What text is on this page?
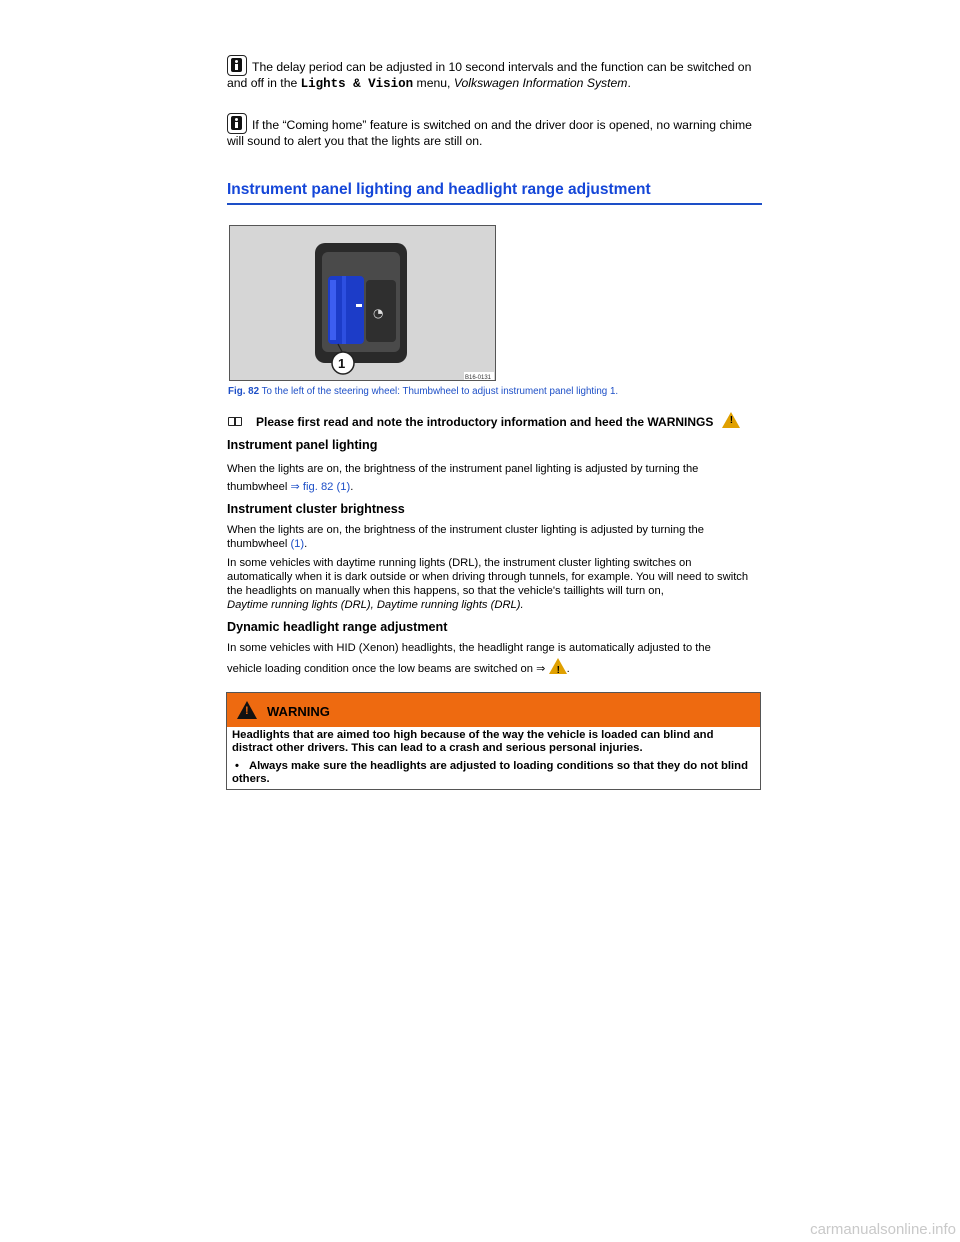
The delay period can be adjusted in 10 second intervals and the function can be switched on and off in the Lights & Vision menu, Volkswagen Information System.
If the “Coming home” feature is switched on and the driver door is opened, no warning chime will sound to alert you that the lights are still on.
Instrument panel lighting and headlight range adjustment
◔
1
B16-0131
Fig. 82 To the left of the steering wheel: Thumbwheel to adjust instrument panel lighting 1.
Please first read and note the introductory information and heed the WARNINGS !
Instrument panel lighting
When the lights are on, the brightness of the instrument panel lighting is adjusted by turning the thumbwheel ⇒ fig. 82 (1).
Instrument cluster brightness
When the lights are on, the brightness of the instrument cluster lighting is adjusted by turning the thumbwheel (1).
In some vehicles with daytime running lights (DRL), the instrument cluster lighting switches on automatically when it is dark outside or when driving through tunnels, for example. You will need to switch the headlights on manually when this happens, so that the vehicle's taillights will turn on,
Daytime running lights (DRL), Daytime running lights (DRL).
Dynamic headlight range adjustment
In some vehicles with HID (Xenon) headlights, the headlight range is automatically adjusted to the vehicle loading condition once the low beams are switched on ⇒ ! .
! WARNING
Headlights that are aimed too high because of the way the vehicle is loaded can blind and distract other drivers. This can lead to a crash and serious personal injuries.
• Always make sure the headlights are adjusted to loading conditions so that they do not blind others.
carmanualsonline.info
